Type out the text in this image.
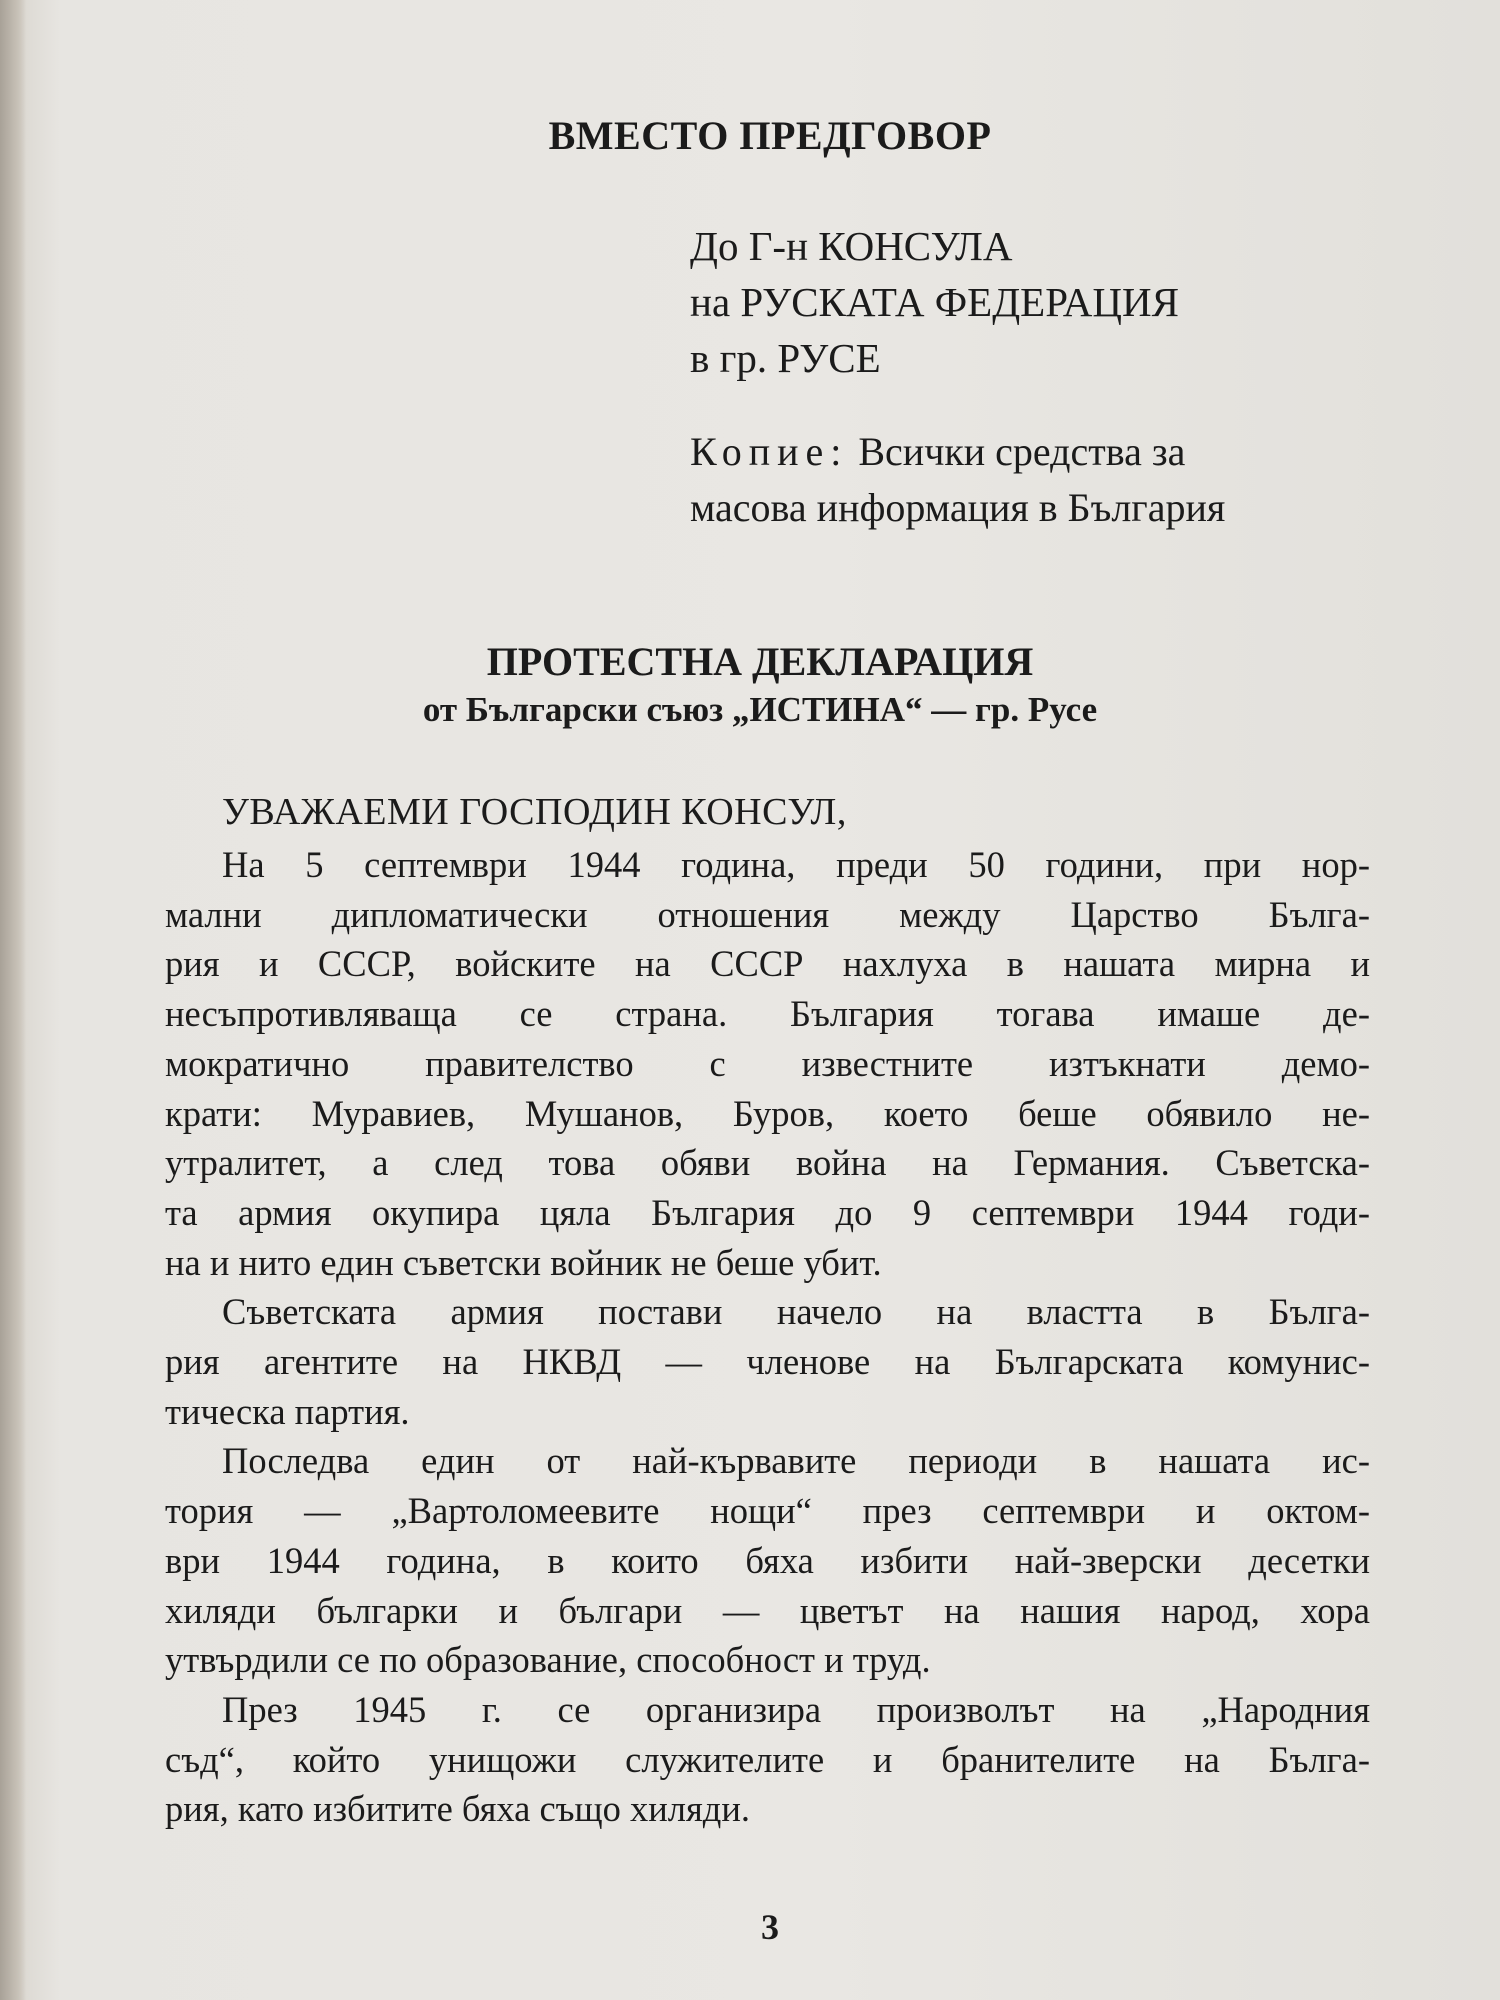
ВМЕСТО ПРЕДГОВОР
До Г-н КОНСУЛА
на РУСКАТА ФЕДЕРАЦИЯ
в гр. РУСЕ
Копие: Всички средства за
масова информация в България
ПРОТЕСТНА ДЕКЛАРАЦИЯ
от Български съюз „ИСТИНА“ — гр. Русе
УВАЖАЕМИ ГОСПОДИН КОНСУЛ,
На 5 септември 1944 година, преди 50 години, при нор-
мални дипломатически отношения между Царство Бълга-
рия и СССР, войските на СССР нахлуха в нашата мирна и
несъпротивляваща се страна. България тогава имаше де-
мократично правителство с известните изтъкнати демо-
крати: Муравиев, Мушанов, Буров, което беше обявило не-
утралитет, а след това обяви война на Германия. Съветска-
та армия окупира цяла България до 9 септември 1944 годи-
на и нито един съветски войник не беше убит.
Съветската армия постави начело на властта в Бълга-
рия агентите на НКВД — членове на Българската комунис-
тическа партия.
Последва един от най-кървавите периоди в нашата ис-
тория — „Вартоломеевите нощи“ през септември и октом-
ври 1944 година, в които бяха избити най-зверски десетки
хиляди българки и българи — цветът на нашия народ, хора
утвърдили се по образование, способност и труд.
През 1945 г. се организира произволът на „Народния
съд“, който унищожи служителите и бранителите на Бълга-
рия, като избитите бяха също хиляди.
3
